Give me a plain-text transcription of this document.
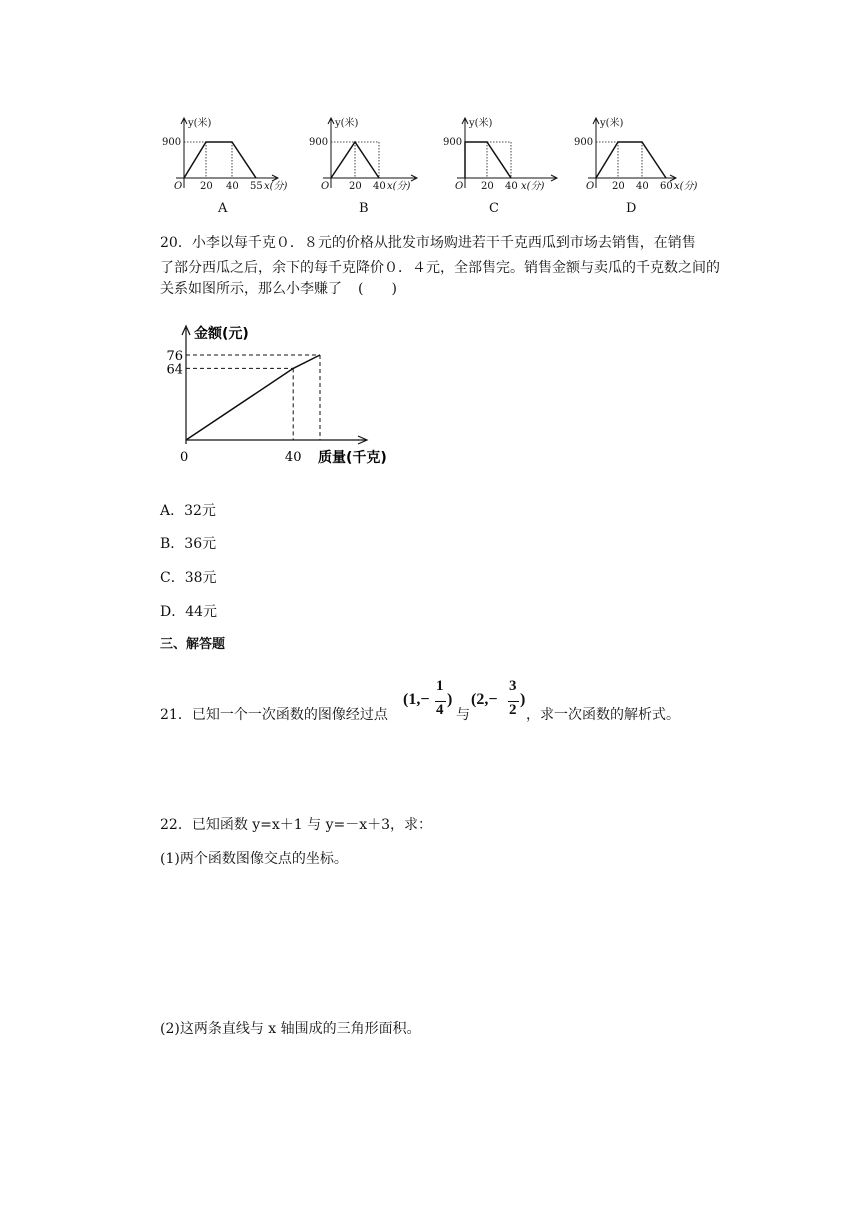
y(米)
900
O 20 40 55 x(分)
A
y(米)
900
O 20 40 x(分)
B
y(米)
900
O 20 40 x(分)
C
y(米)
900
O 20 40 60 x(分)
D
20．小李以每千克０．８元的价格从批发市场购进若干千克西瓜到市场去销售，在销售
了部分西瓜之后，余下的每千克降价０．４元，全部售完。销售金额与卖瓜的千克数之间的
关系如图所示，那么小李赚了 (　　)
金额(元)
质量(千克)
0
76
64
40
A．32元
B．36元
C．38元
D．44元
三、解答题
21．已知一个一次函数的图像经过点
(1,−
1
4
)
与
(2,−
3
2
)
，求一次函数的解析式。
22．已知函数 y=x＋1 与 y=－x＋3，求：
(1)两个函数图像交点的坐标。
(2)这两条直线与 x 轴围成的三角形面积。
